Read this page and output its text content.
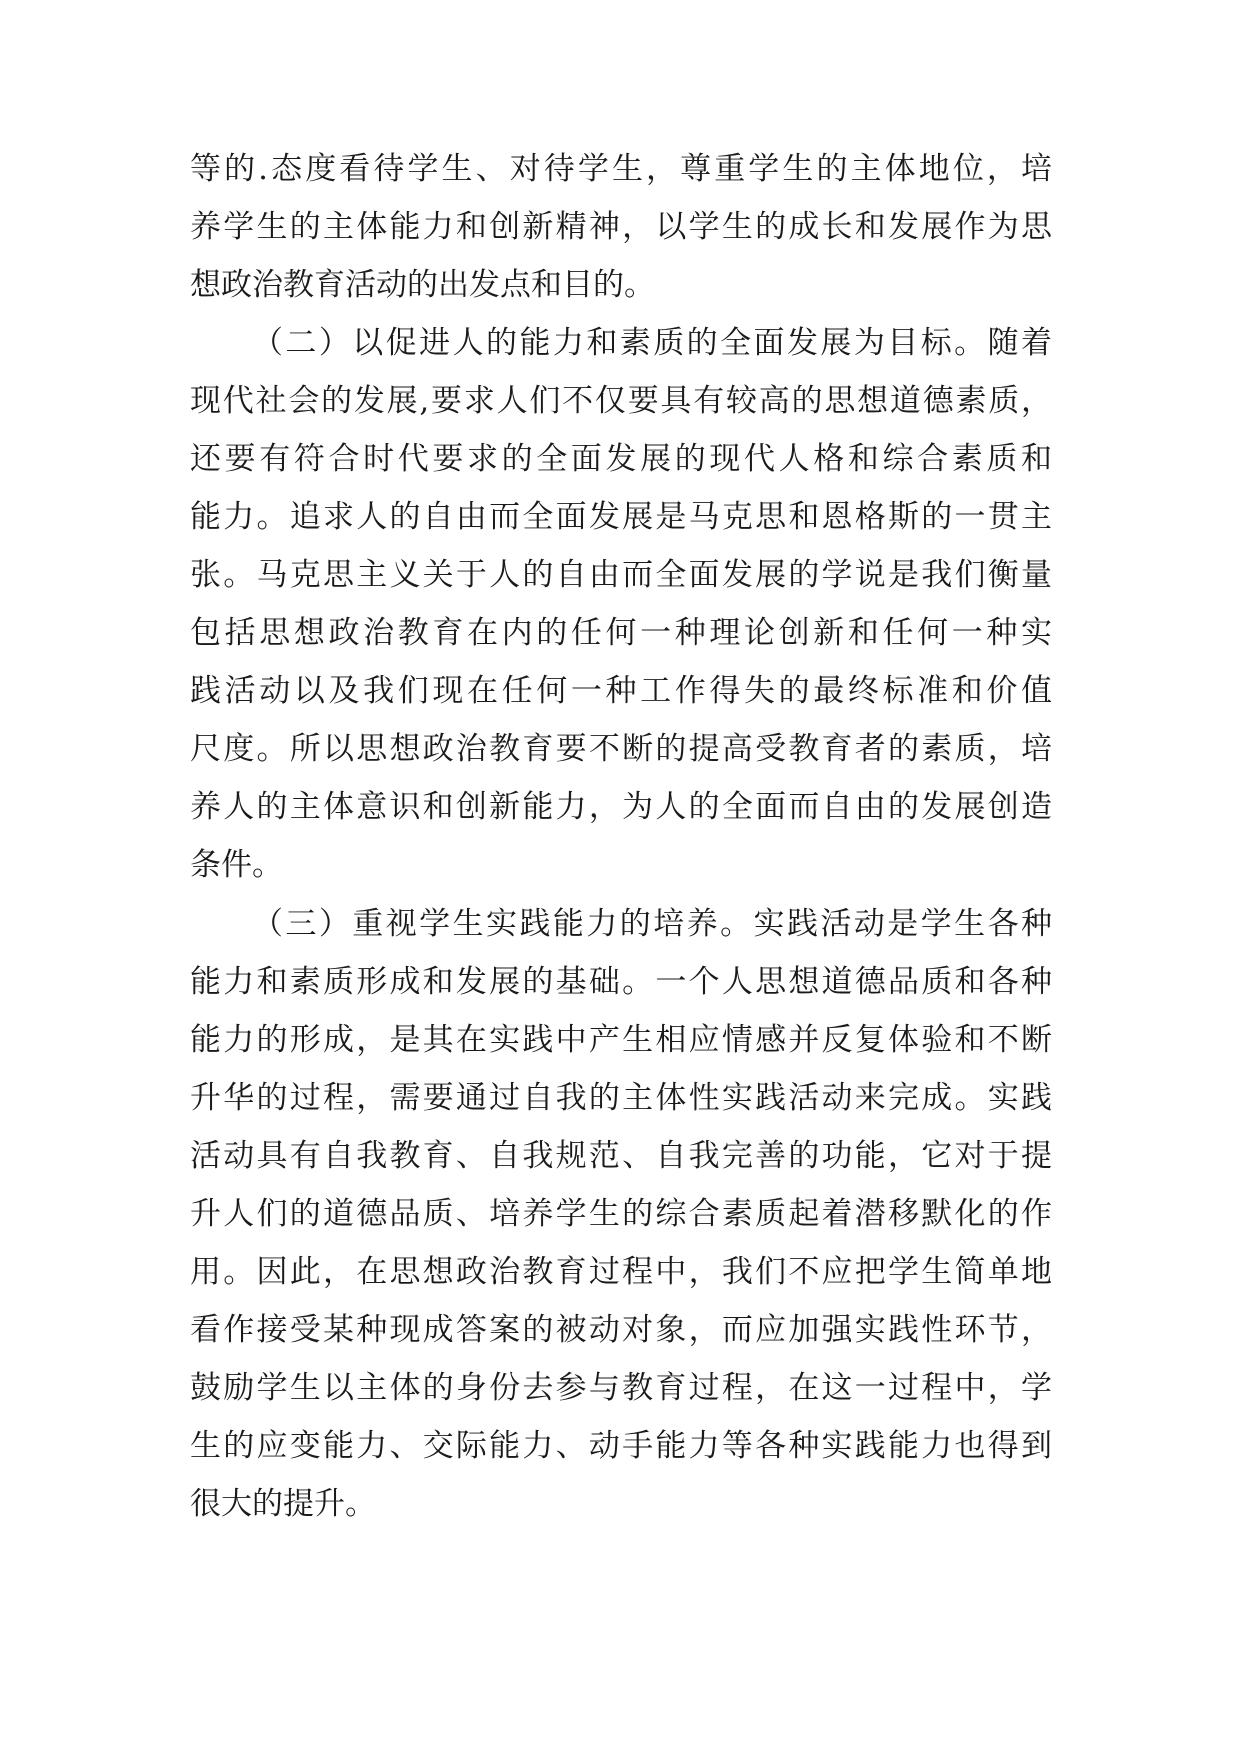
等的.态度看待学生、对待学生，尊重学生的主体地位，培
养学生的主体能力和创新精神，以学生的成长和发展作为思
想政治教育活动的出发点和目的。
（二）以促进人的能力和素质的全面发展为目标。随着
现代社会的发展,要求人们不仅要具有较高的思想道德素质，
还要有符合时代要求的全面发展的现代人格和综合素质和
能力。追求人的自由而全面发展是马克思和恩格斯的一贯主
张。马克思主义关于人的自由而全面发展的学说是我们衡量
包括思想政治教育在内的任何一种理论创新和任何一种实
践活动以及我们现在任何一种工作得失的最终标准和价值
尺度。所以思想政治教育要不断的提高受教育者的素质，培
养人的主体意识和创新能力，为人的全面而自由的发展创造
条件。
（三）重视学生实践能力的培养。实践活动是学生各种
能力和素质形成和发展的基础。一个人思想道德品质和各种
能力的形成，是其在实践中产生相应情感并反复体验和不断
升华的过程，需要通过自我的主体性实践活动来完成。实践
活动具有自我教育、自我规范、自我完善的功能，它对于提
升人们的道德品质、培养学生的综合素质起着潜移默化的作
用。因此，在思想政治教育过程中，我们不应把学生简单地
看作接受某种现成答案的被动对象，而应加强实践性环节，
鼓励学生以主体的身份去参与教育过程，在这一过程中，学
生的应变能力、交际能力、动手能力等各种实践能力也得到
很大的提升。
